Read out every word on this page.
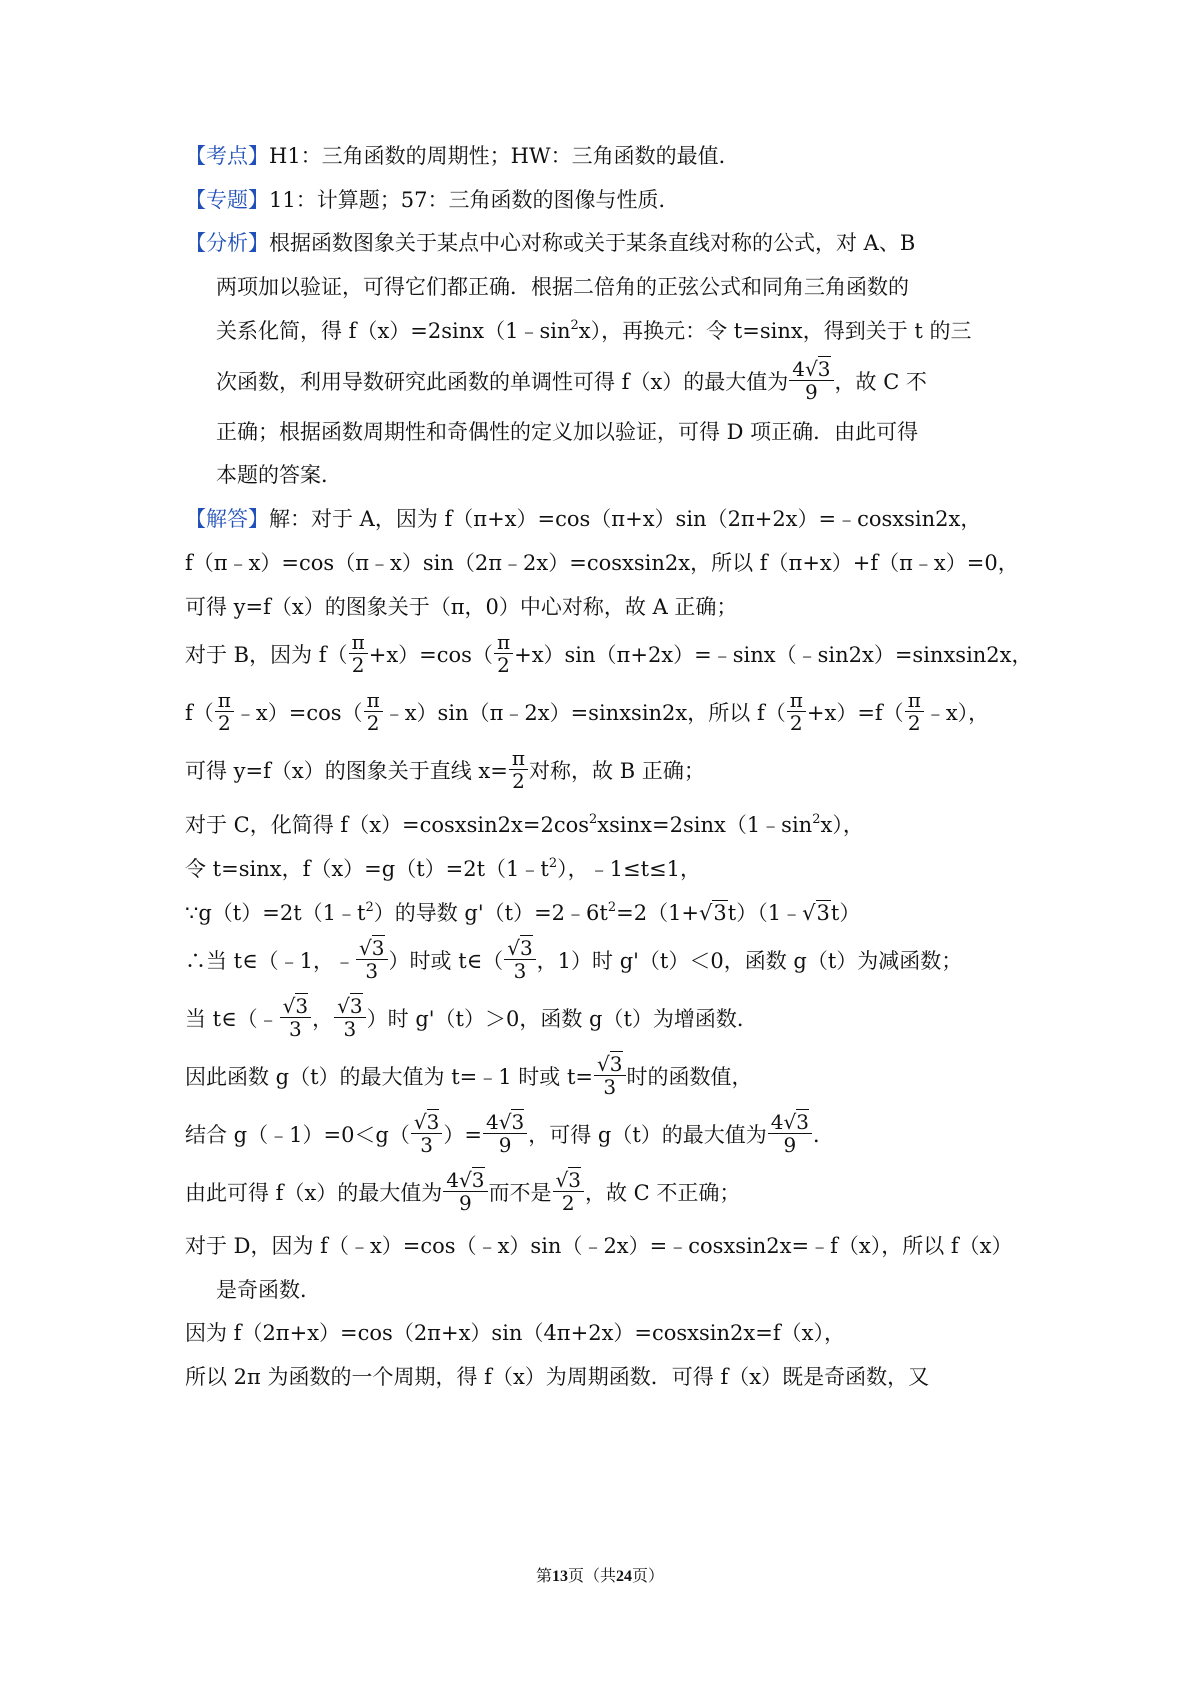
【考点】H1：三角函数的周期性；HW：三角函数的最值．
【专题】11：计算题；57：三角函数的图像与性质．
【分析】根据函数图象关于某点中心对称或关于某条直线对称的公式，对 A、B
两项加以验证，可得它们都正确．根据二倍角的正弦公式和同角三角函数的
关系化简，得 $f(x)=2\sin x(1﹣\sin^2x)$，再换元：令 t=sinx，得到关于 t 的三
次函数，利用导数研究此函数的单调性可得 f（x）的最大值为 $\frac{4√3}{9}$ ，故 C 不
正确；根据函数周期性和奇偶性的定义加以验证，可得 D 项正确．由此可得
本题的答案．
【解答】解：对于 A，因为 f（π+x）=cos（π+x）sin（2π+2x）=﹣cosxsin2x，
f（π﹣x）=cos（π﹣x）sin（2π﹣2x）=cosxsin2x，所以 f（π+x）+f（π﹣x）=0，
可得 y=f（x）的图象关于（π，0）中心对称，故 A 正确；
对于 B，因为 $f( \frac{\pi}{2} +x)=\cos( \frac{\pi}{2}$ +x）sin（π+2x）=﹣sinx（﹣sin2x）=sinxsin2x，
$f( \frac{\pi}{2}$ ﹣x）=cos（ $\frac{\pi}{2}$ ﹣x）sin（π﹣2x）=sinxsin2x，所以 $f( \frac{\pi}{2} +x)=f( \frac{\pi}{2}$ ﹣x），
可得 y=f（x）的图象关于直线 $x= \frac{\pi}{2}$ 对称，故 B 正确；
对于 C，化简得 $f(x)=cosxsin2x=2\cos^2xsinx=2\sin x(1﹣\sin^2x)$，
令 t=sinx，$f(x)=g(t)=2t(1﹣t^2)$，﹣1≤t≤1，
$\because g(t)=2t(1﹣t^2)$的导数 $g'(t)=2﹣6t^2=2(1+√3t)(1﹣√3t)$
∴当 t∈（﹣1，﹣ $\frac{√3}{3}$ ）时或 t∈（ $\frac{√3}{3}$ ，1）时 g'（t）＜0，函数 g（t）为减函数；
当 t∈（﹣ $\frac{√3}{3}$ ， $\frac{√3}{3}$ ）时 g'（t）＞0，函数 g（t）为增函数．
因此函数 g（t）的最大值为 t=﹣1 时或 $t= \frac{√3}{3}$ 时的函数值，
结合 g（﹣1）=0＜g（ $\frac{√3}{3}$ ）= $\frac{4√3}{9}$ ，可得 g（t）的最大值为 $\frac{4√3}{9}$ ．
由此可得 f（x）的最大值为 $\frac{4√3}{9}$ 而不是 $\frac{√3}{2}$ ，故 C 不正确；
对于 D，因为 f（﹣x）=cos（﹣x）sin（﹣2x）=﹣cosxsin2x=﹣f（x），所以 f（x）
是奇函数．
因为 f（2π+x）=cos（2π+x）sin（4π+2x）=cosxsin2x=f（x），
所以 2π 为函数的一个周期，得 f（x）为周期函数．可得 f（x）既是奇函数，又
第13页（共24页）
